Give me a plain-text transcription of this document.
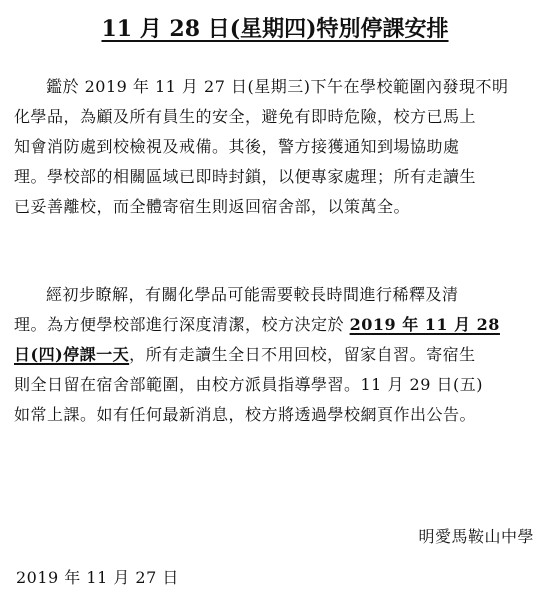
11 月 28 日(星期四)特別停課安排

鑑於 2019 年 11 月 27 日(星期三)下午在學校範圍內發現不明
化學品，為顧及所有員生的安全，避免有即時危險，校方已馬上
知會消防處到校檢視及戒備。其後，警方接獲通知到場協助處
理。學校部的相關區域已即時封鎖，以便專家處理；所有走讀生
已妥善離校，而全體寄宿生則返回宿舍部，以策萬全。

經初步瞭解，有關化學品可能需要較長時間進行稀釋及清
理。為方便學校部進行深度清潔，校方決定於 2019 年 11 月 28
日(四)停課一天，所有走讀生全日不用回校，留家自習。寄宿生
則全日留在宿舍部範圍，由校方派員指導學習。11 月 29 日(五)
如常上課。如有任何最新消息，校方將透過學校網頁作出公告。

明愛馬鞍山中學
2019 年 11 月 27 日
